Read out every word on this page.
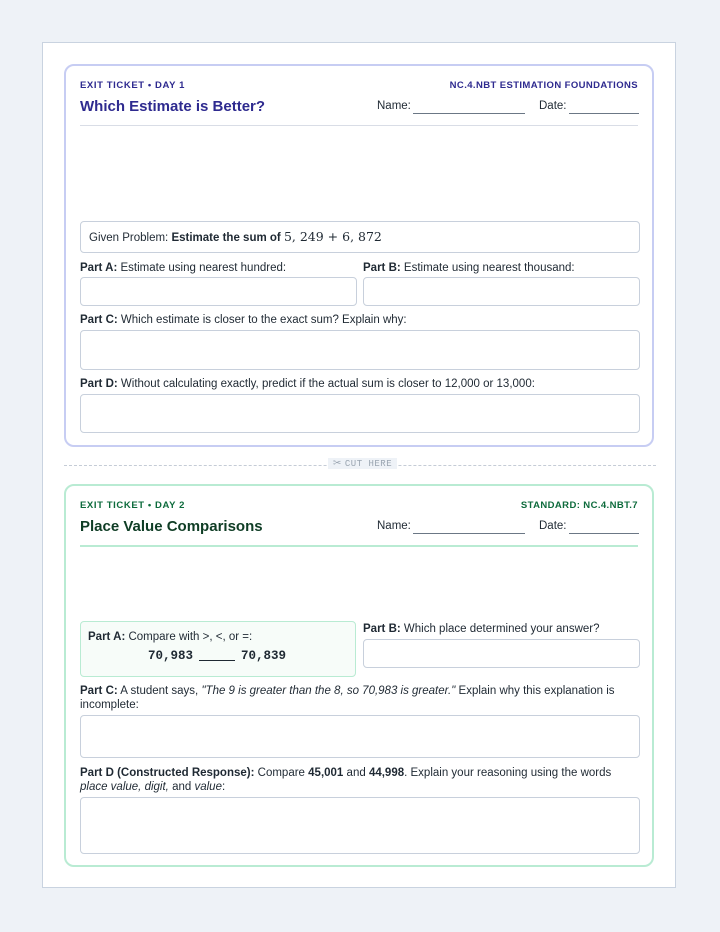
EXIT TICKET • DAY 1	NC.4.NBT ESTIMATION FOUNDATIONS
Which Estimate is Better?	Name:	Date:
Given Problem: Estimate the sum of 5, 249 + 6, 872
Part A: Estimate using nearest hundred:	Part B: Estimate using nearest thousand:
Part C: Which estimate is closer to the exact sum? Explain why:
Part D: Without calculating exactly, predict if the actual sum is closer to 12,000 or 13,000:
✂ CUT HERE
EXIT TICKET • DAY 2	STANDARD: NC.4.NBT.7
Place Value Comparisons	Name:	Date:
Part A: Compare with >, <, or =:
70,983	70,839
Part B: Which place determined your answer?
Part C: A student says, "The 9 is greater than the 8, so 70,983 is greater." Explain why this explanation is incomplete:
Part D (Constructed Response): Compare 45,001 and 44,998. Explain your reasoning using the words place value, digit, and value:
